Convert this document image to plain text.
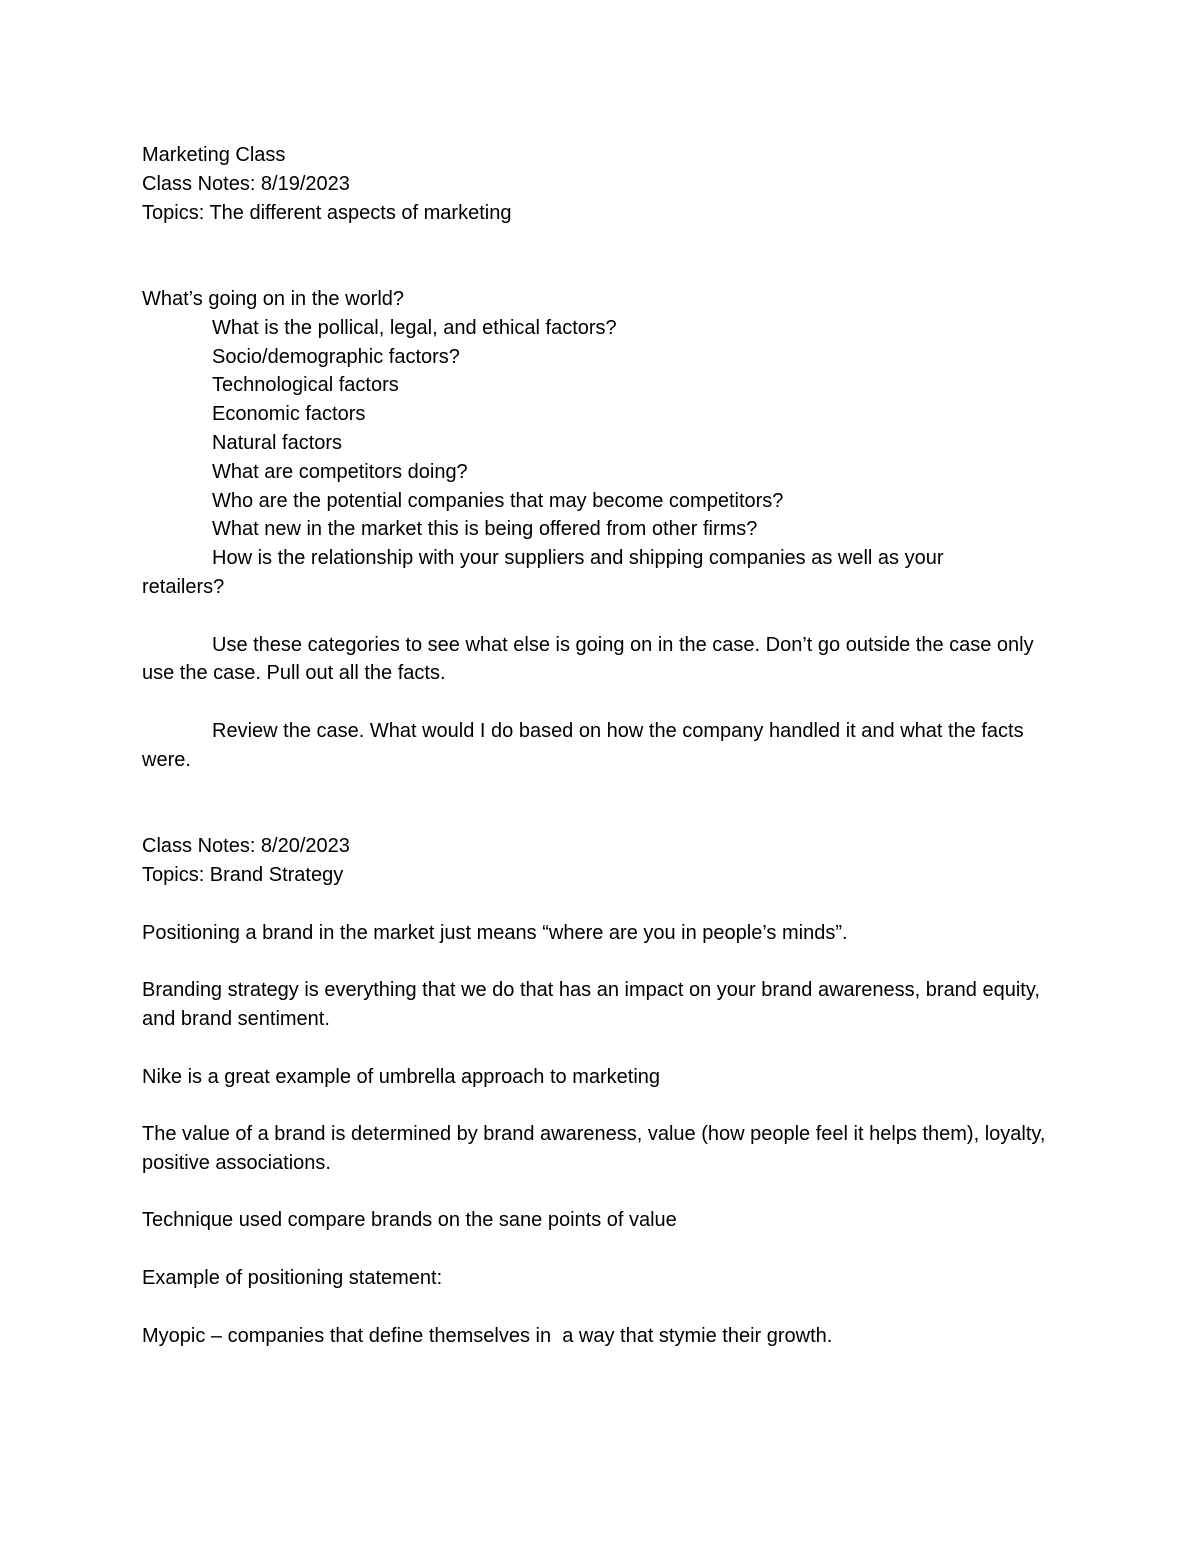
Marketing Class

Class Notes: 8/19/2023

Topics: The different aspects of marketing

What’s going on in the world?

What is the pollical, legal, and ethical factors?

Socio/demographic factors?

Technological factors

Economic factors

Natural factors

What are competitors doing?

Who are the potential companies that may become competitors?

What new in the market this is being offered from other firms?

How is the relationship with your suppliers and shipping companies as well as your retailers?

Use these categories to see what else is going on in the case. Don’t go outside the case only use the case. Pull out all the facts.

Review the case. What would I do based on how the company handled it and what the facts were.

Class Notes: 8/20/2023

Topics: Brand Strategy

Positioning a brand in the market just means “where are you in people’s minds”.

Branding strategy is everything that we do that has an impact on your brand awareness, brand equity, and brand sentiment.

Nike is a great example of umbrella approach to marketing

The value of a brand is determined by brand awareness, value (how people feel it helps them), loyalty, positive associations.

Technique used compare brands on the sane points of value

Example of positioning statement:

Myopic – companies that define themselves in  a way that stymie their growth.
